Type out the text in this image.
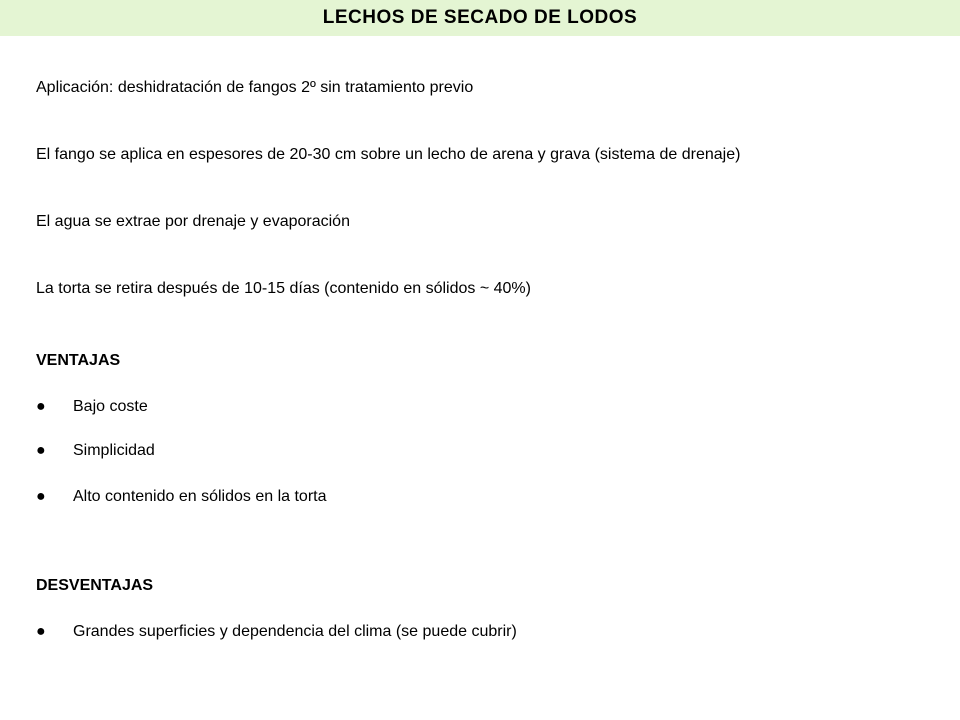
LECHOS DE SECADO DE LODOS
Aplicación: deshidratación de fangos 2º sin tratamiento previo
El fango se aplica en espesores de 20-30 cm sobre un lecho de arena y grava (sistema de drenaje)
El agua se extrae por drenaje y evaporación
La torta se retira después de 10-15 días (contenido en sólidos ~ 40%)
VENTAJAS
● Bajo coste
● Simplicidad
● Alto contenido en sólidos en la torta
DESVENTAJAS
● Grandes superficies y dependencia del clima (se puede cubrir)
